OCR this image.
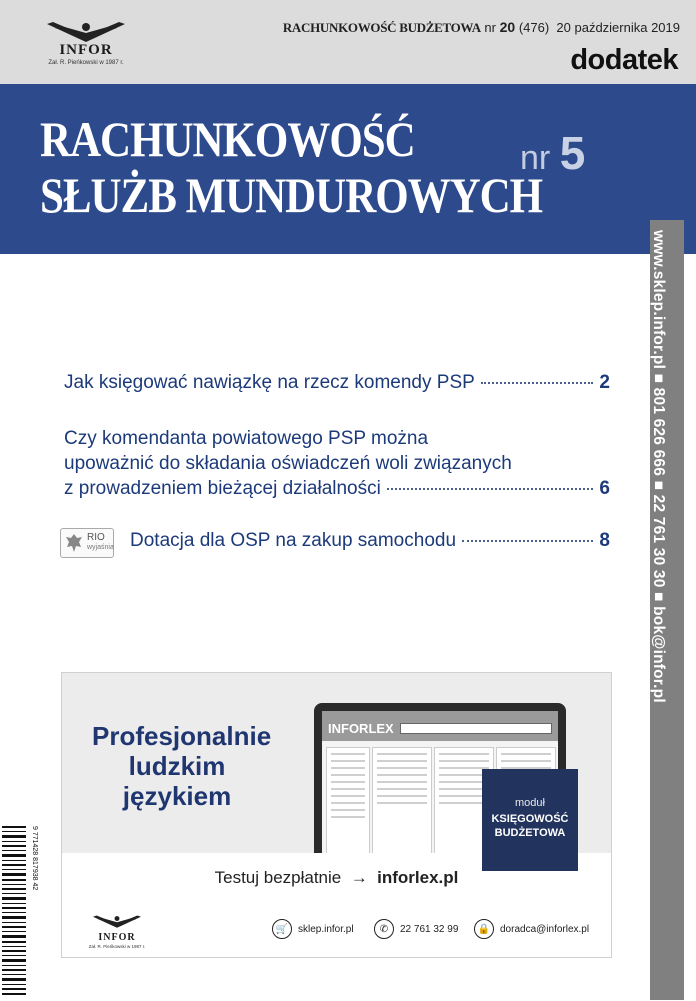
INFOR
Zał. R. Pieńkowski w 1987 r.
RACHUNKOWOŚĆ BUDŻETOWA nr 20 (476) 20 października 2019
dodatek
RACHUNKOWOŚĆ
SŁUŻB MUNDUROWYCH
nr 5
www.sklep.infor.pl ■ 801 626 666 ■ 22 761 30 30 ■ bok@infor.pl
Jak księgować nawiązkę na rzecz komendy PSP	2
Czy komendanta powiatowego PSP można
upoważnić do składania oświadczeń woli związanych
z prowadzeniem bieżącej działalności	6
RIO
wyjaśnia Dotacja dla OSP na zakup samochodu	8
Profesjonalnie
ludzkim
językiem
INFORLEX
moduł
KSIĘGOWOŚĆ
BUDŻETOWA
Testuj bezpłatnie → inforlex.pl
INFOR
Zał. R. Pieńkowski w 1987 r.
🛒 sklep.infor.pl	✆	22 761 32 99	🔒 doradca@inforlex.pl
9 771428 817938 42
